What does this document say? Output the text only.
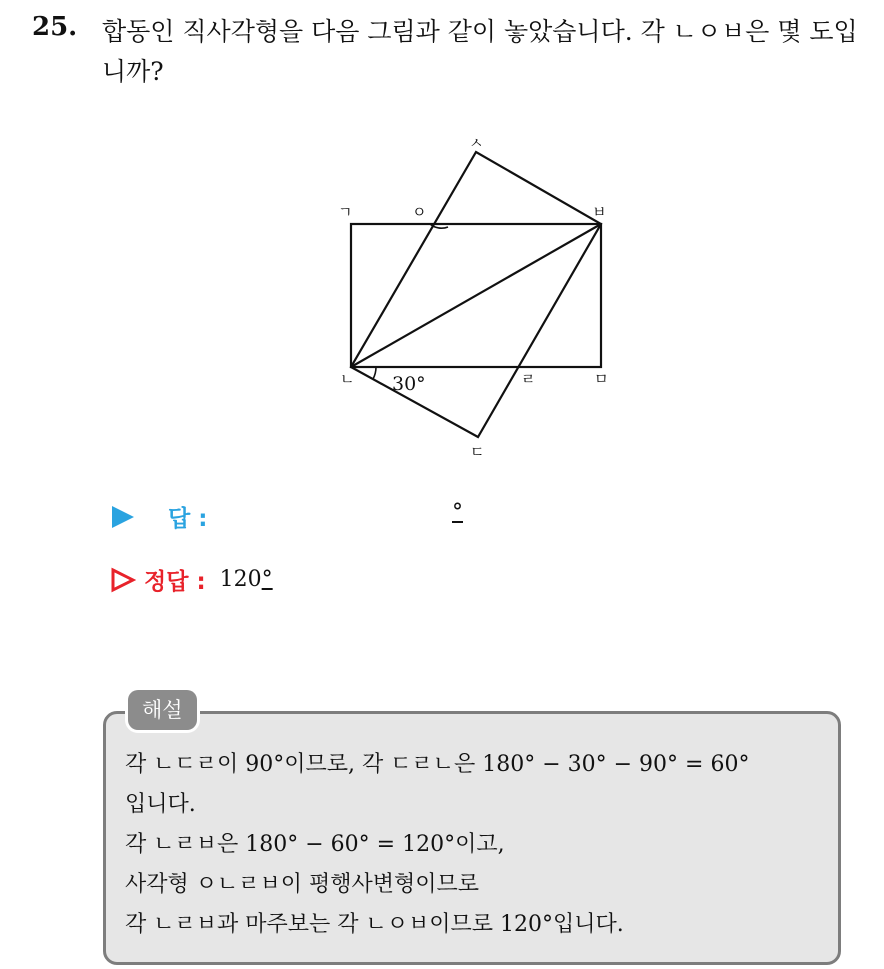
25. 합동인 직사각형을 다음 그림과 같이 놓았습니다. 각 ㄴㅇㅂ은 몇 도입니까?
ㄱ	ㅇ	ㅂ
ㅅ
ㄴ	ㄹ	ㅁ
ㄷ
30°
답 :	°
정답 : 120°
해설
각 ㄴㄷㄹ이 90°이므로, 각 ㄷㄹㄴ은 180° − 30° − 90° = 60°
입니다.
각 ㄴㄹㅂ은 180° − 60° = 120°이고,
사각형 ㅇㄴㄹㅂ이 평행사변형이므로
각 ㄴㄹㅂ과 마주보는 각 ㄴㅇㅂ이므로 120°입니다.
